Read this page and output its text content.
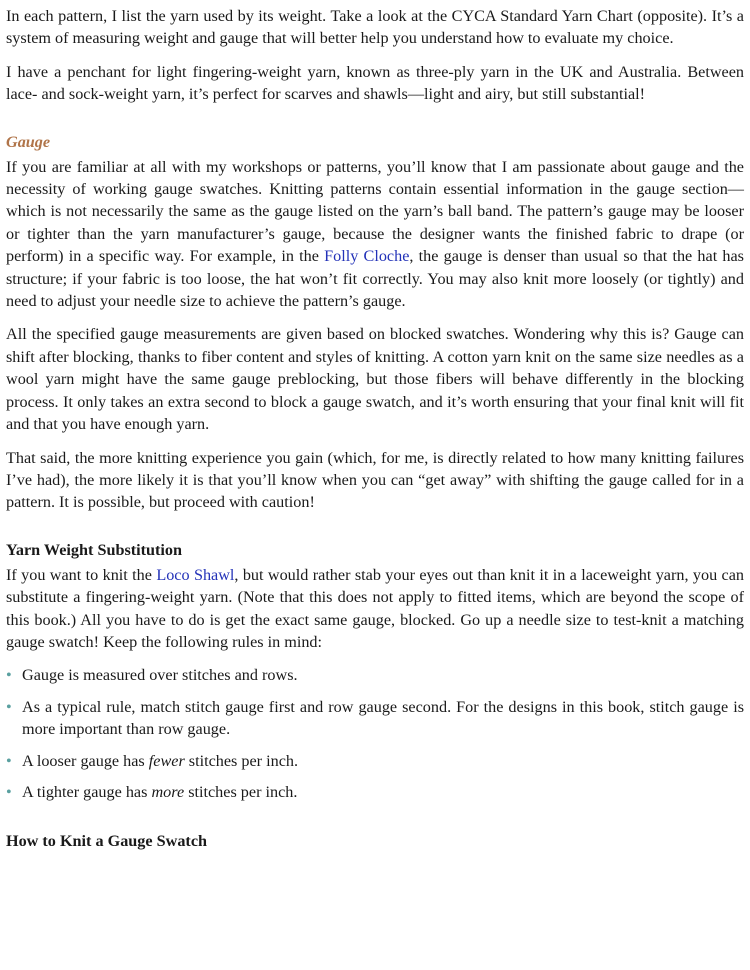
In each pattern, I list the yarn used by its weight. Take a look at the CYCA Standard Yarn Chart (opposite). It’s a system of measuring weight and gauge that will better help you understand how to evaluate my choice.

I have a penchant for light fingering-weight yarn, known as three-ply yarn in the UK and Australia. Between lace- and sock-weight yarn, it’s perfect for scarves and shawls—light and airy, but still substantial!

Gauge

If you are familiar at all with my workshops or patterns, you’ll know that I am passionate about gauge and the necessity of working gauge swatches. Knitting patterns contain essential information in the gauge section—which is not necessarily the same as the gauge listed on the yarn’s ball band. The pattern’s gauge may be looser or tighter than the yarn manufacturer’s gauge, because the designer wants the finished fabric to drape (or perform) in a specific way. For example, in the Folly Cloche, the gauge is denser than usual so that the hat has structure; if your fabric is too loose, the hat won’t fit correctly. You may also knit more loosely (or tightly) and need to adjust your needle size to achieve the pattern’s gauge.

All the specified gauge measurements are given based on blocked swatches. Wondering why this is? Gauge can shift after blocking, thanks to fiber content and styles of knitting. A cotton yarn knit on the same size needles as a wool yarn might have the same gauge preblocking, but those fibers will behave differently in the blocking process. It only takes an extra second to block a gauge swatch, and it’s worth ensuring that your final knit will fit and that you have enough yarn.

That said, the more knitting experience you gain (which, for me, is directly related to how many knitting failures I’ve had), the more likely it is that you’ll know when you can “get away” with shifting the gauge called for in a pattern. It is possible, but proceed with caution!

Yarn Weight Substitution

If you want to knit the Loco Shawl, but would rather stab your eyes out than knit it in a laceweight yarn, you can substitute a fingering-weight yarn. (Note that this does not apply to fitted items, which are beyond the scope of this book.) All you have to do is get the exact same gauge, blocked. Go up a needle size to test-knit a matching gauge swatch! Keep the following rules in mind:

• Gauge is measured over stitches and rows.
• As a typical rule, match stitch gauge first and row gauge second. For the designs in this book, stitch gauge is more important than row gauge.
• A looser gauge has fewer stitches per inch.
• A tighter gauge has more stitches per inch.
How to Knit a Gauge Swatch
